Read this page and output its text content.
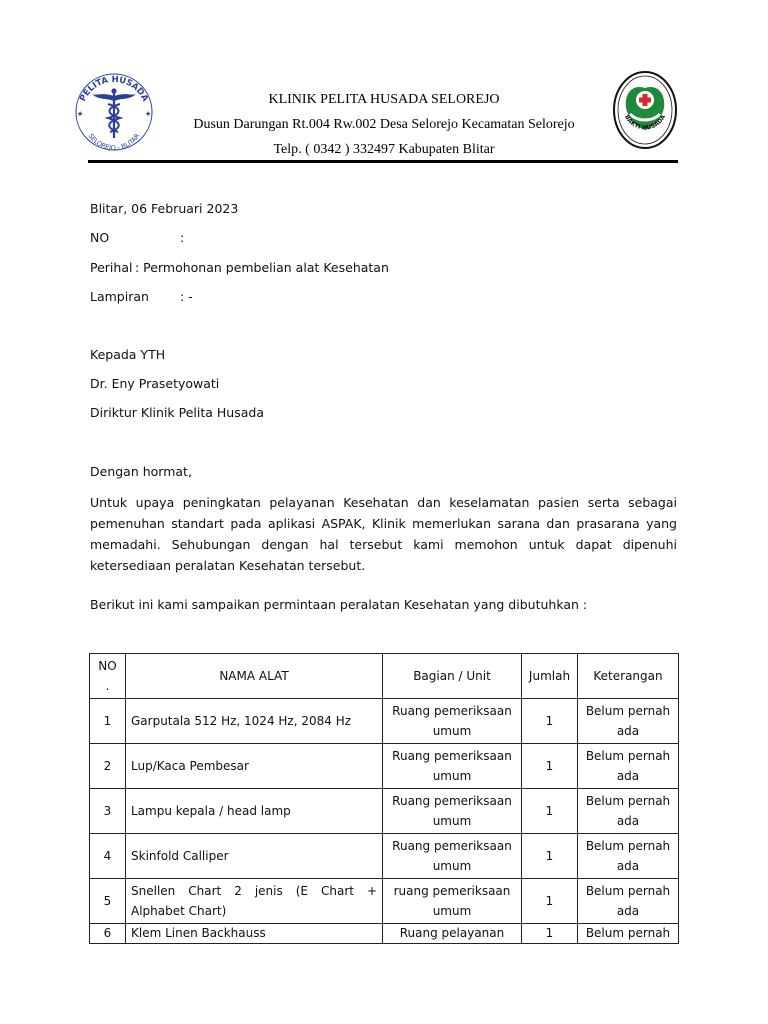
PELITA HUSADA
SELOREJO - BLITAR
★	★
KLINIK PELITA HUSADA SELOREJO
Dusun Darungan Rt.004 Rw.002 Desa Selorejo Kecamatan Selorejo
Telp. ( 0342 ) 332497 Kabupaten Blitar
BAKTI HUSADA
Blitar, 06 Februari 2023
NO	:
Perihal : Permohonan pembelian alat Kesehatan
Lampiran : -
Kepada YTH
Dr. Eny Prasetyowati
Diriktur Klinik Pelita Husada
Dengan hormat,
Untuk upaya peningkatan pelayanan Kesehatan dan keselamatan pasien serta sebagai pemenuhan standart pada aplikasi ASPAK, Klinik memerlukan sarana dan prasarana yang memadahi. Sehubungan dengan hal tersebut kami memohon untuk dapat dipenuhi ketersediaan peralatan Kesehatan tersebut.
Berikut ini kami sampaikan permintaan peralatan Kesehatan yang dibutuhkan :
NO .	NAMA ALAT	Bagian / Unit	Jumlah	Keterangan
1	Garputala 512 Hz, 1024 Hz, 2084 Hz	Ruang pemeriksaan umum	1	Belum pernah ada
2	Lup/Kaca Pembesar	Ruang pemeriksaan umum	1	Belum pernah ada
3	Lampu kepala / head lamp	Ruang pemeriksaan umum	1	Belum pernah ada
4	Skinfold Calliper	Ruang pemeriksaan umum	1	Belum pernah ada
5	Snellen Chart 2 jenis (E Chart + Alphabet Chart)	ruang pemeriksaan umum	1	Belum pernah ada
6	Klem Linen Backhauss	Ruang pelayanan	1	Belum pernah
